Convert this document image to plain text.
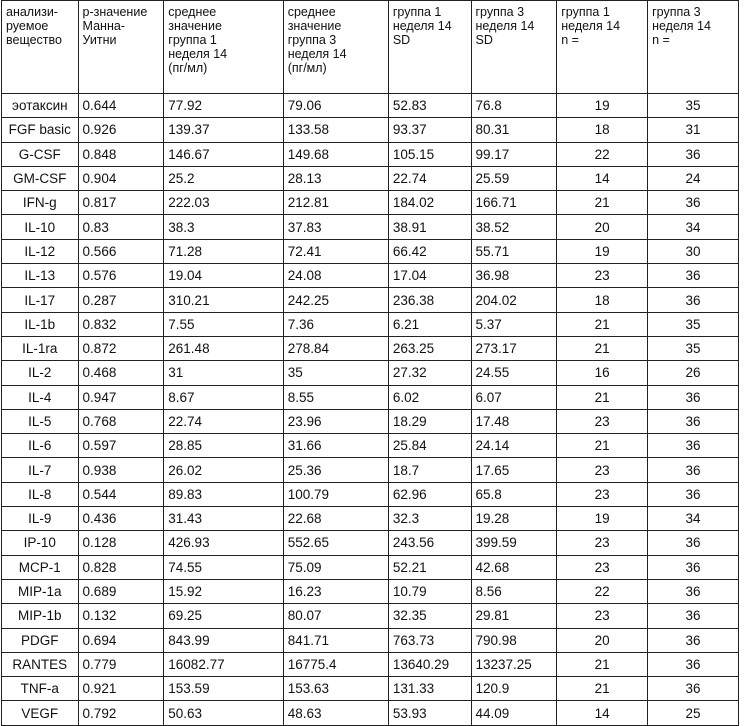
анализи-
руемое
вещество	р-значение
Манна-
Уитни	среднее
значение
группа 1
неделя 14
(пг/мл)	среднее
значение
группа 3
неделя 14
(пг/мл)	группа 1
неделя 14
SD	группа 3
неделя 14
SD	группа 1
неделя 14
n =	группа 3
неделя 14
n =
эотаксин	0.644	77.92	79.06	52.83	76.8	19	35
FGF basic	0.926	139.37	133.58	93.37	80.31	18	31
G-CSF	0.848	146.67	149.68	105.15	99.17	22	36
GM-CSF	0.904	25.2	28.13	22.74	25.59	14	24
IFN-g	0.817	222.03	212.81	184.02	166.71	21	36
IL-10	0.83	38.3	37.83	38.91	38.52	20	34
IL-12	0.566	71.28	72.41	66.42	55.71	19	30
IL-13	0.576	19.04	24.08	17.04	36.98	23	36
IL-17	0.287	310.21	242.25	236.38	204.02	18	36
IL-1b	0.832	7.55	7.36	6.21	5.37	21	35
IL-1ra	0.872	261.48	278.84	263.25	273.17	21	35
IL-2	0.468	31	35	27.32	24.55	16	26
IL-4	0.947	8.67	8.55	6.02	6.07	21	36
IL-5	0.768	22.74	23.96	18.29	17.48	23	36
IL-6	0.597	28.85	31.66	25.84	24.14	21	36
IL-7	0.938	26.02	25.36	18.7	17.65	23	36
IL-8	0.544	89.83	100.79	62.96	65.8	23	36
IL-9	0.436	31.43	22.68	32.3	19.28	19	34
IP-10	0.128	426.93	552.65	243.56	399.59	23	36
MCP-1	0.828	74.55	75.09	52.21	42.68	23	36
MIP-1a	0.689	15.92	16.23	10.79	8.56	22	36
MIP-1b	0.132	69.25	80.07	32.35	29.81	23	36
PDGF	0.694	843.99	841.71	763.73	790.98	20	36
RANTES	0.779	16082.77	16775.4	13640.29	13237.25	21	36
TNF-a	0.921	153.59	153.63	131.33	120.9	21	36
VEGF	0.792	50.63	48.63	53.93	44.09	14	25
